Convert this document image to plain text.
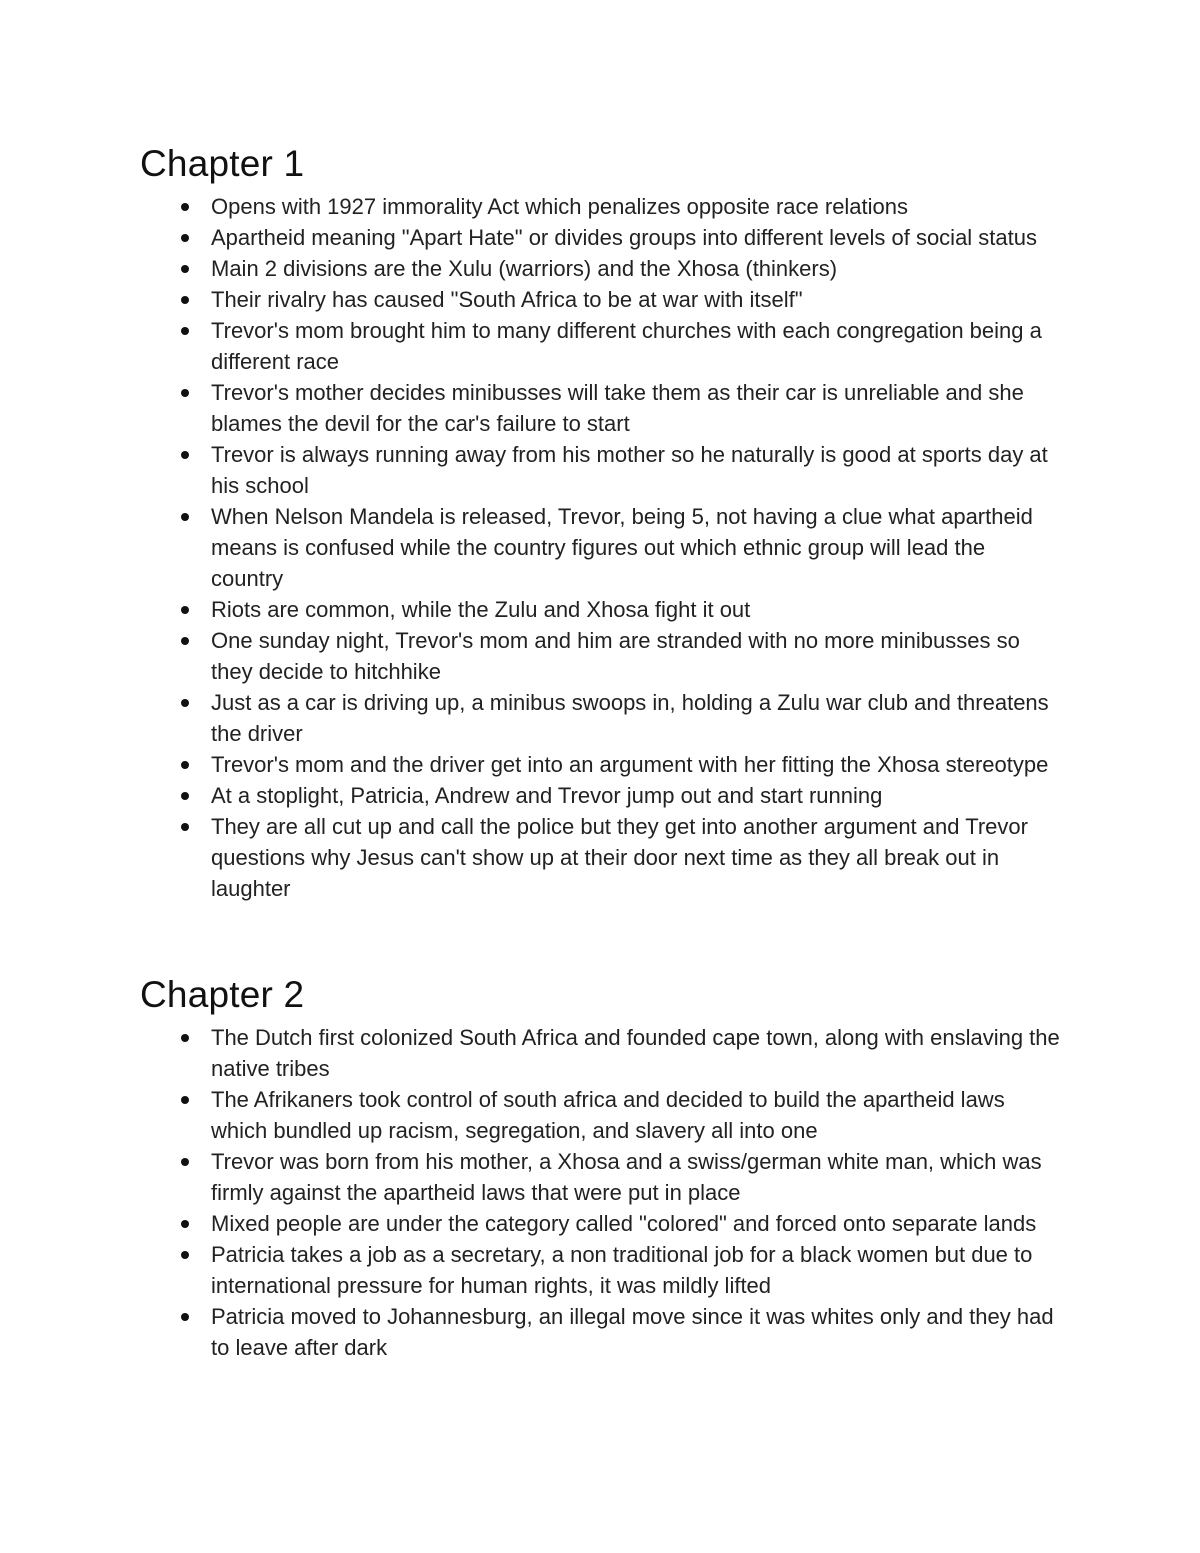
Chapter 1
Opens with 1927 immorality Act which penalizes opposite race relations
Apartheid meaning "Apart Hate" or divides groups into different levels of social status
Main 2 divisions are the Xulu (warriors) and the Xhosa (thinkers)
Their rivalry has caused "South Africa to be at war with itself"
Trevor's mom brought him to many different churches with each congregation being a different race
Trevor's mother decides minibusses will take them as their car is unreliable and she blames the devil for the car's failure to start
Trevor is always running away from his mother so he naturally is good at sports day at his school
When Nelson Mandela is released, Trevor, being 5, not having a clue what apartheid means is confused while the country figures out which ethnic group will lead the country
Riots are common, while the Zulu and Xhosa fight it out
One sunday night, Trevor's mom and him are stranded with no more minibusses so they decide to hitchhike
Just as a car is driving up, a minibus swoops in, holding a Zulu war club and threatens the driver
Trevor's mom and the driver get into an argument with her fitting the Xhosa stereotype
At a stoplight, Patricia, Andrew and Trevor jump out and start running
They are all cut up and call the police but they get into another argument and Trevor questions why Jesus can't show up at their door next time as they all break out in laughter
Chapter 2
The Dutch first colonized South Africa and founded cape town, along with enslaving the native tribes
The Afrikaners took control of south africa and decided to build the apartheid laws which bundled up racism, segregation, and slavery all into one
Trevor was born from his mother, a Xhosa and a swiss/german white man, which was firmly against the apartheid laws that were put in place
Mixed people are under the category called "colored" and forced onto separate lands
Patricia takes a job as a secretary, a non traditional job for a black women but due to international pressure for human rights, it was mildly lifted
Patricia moved to Johannesburg, an illegal move since it was whites only and they had to leave after dark
